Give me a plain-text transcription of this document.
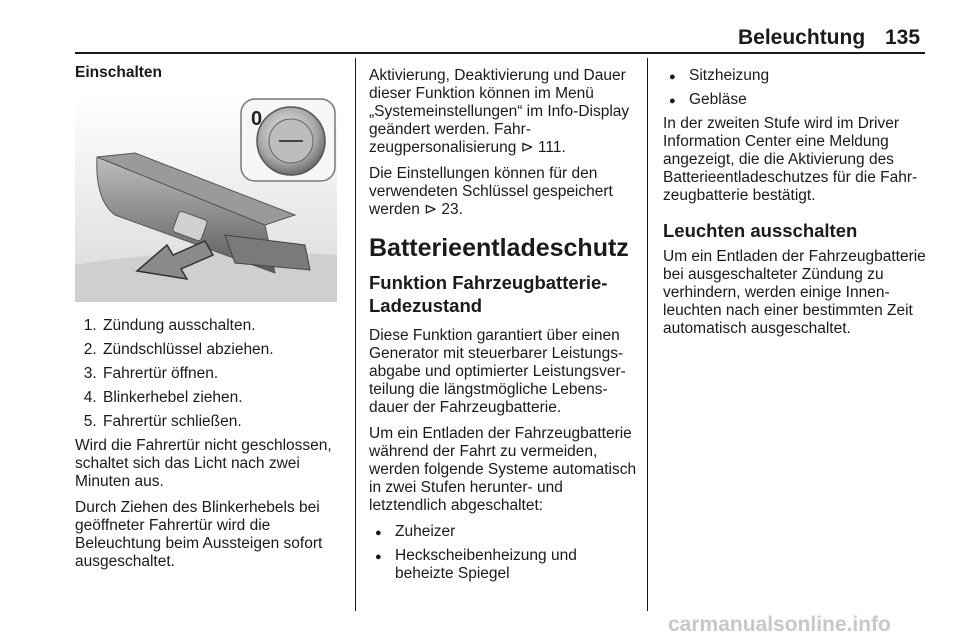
Beleuchtung 135
Einschalten
0
1. Zündung ausschalten.
2. Zündschlüssel abziehen.
3. Fahrertür öffnen.
4. Blinkerhebel ziehen.
5. Fahrertür schließen.

Wird die Fahrertür nicht geschlossen, schaltet sich das Licht nach zwei Minuten aus.

Durch Ziehen des Blinkerhebels bei geöffneter Fahrertür wird die Beleuchtung beim Aussteigen sofort ausgeschaltet.

Aktivierung, Deaktivierung und Dauer dieser Funktion können im Menü „Systemeinstellungen“ im Info-Display geändert werden. Fahrzeugpersonalisierung ⊳ 111.

Die Einstellungen können für den verwendeten Schlüssel gespeichert werden ⊳ 23.

Batterieentladeschutz
Funktion Fahrzeugbatterie-Ladezustand

Diese Funktion garantiert über einen Generator mit steuerbarer Leistungsabgabe und optimierter Leistungsverteilung die längstmögliche Lebensdauer der Fahrzeugbatterie.

Um ein Entladen der Fahrzeugbatterie während der Fahrt zu vermeiden, werden folgende Systeme automatisch in zwei Stufen herunter- und letztendlich abgeschaltet:

● Zuheizer
● Heckscheibenheizung und beheizte Spiegel
● Sitzheizung
● Gebläse

In der zweiten Stufe wird im Driver Information Center eine Meldung angezeigt, die die Aktivierung des Batterieentladeschutzes für die Fahrzeugbatterie bestätigt.

Leuchten ausschalten

Um ein Entladen der Fahrzeugbatterie bei ausgeschalteter Zündung zu verhindern, werden einige Innenleuchten nach einer bestimmten Zeit automatisch ausgeschaltet.

carmanualsonline.info
